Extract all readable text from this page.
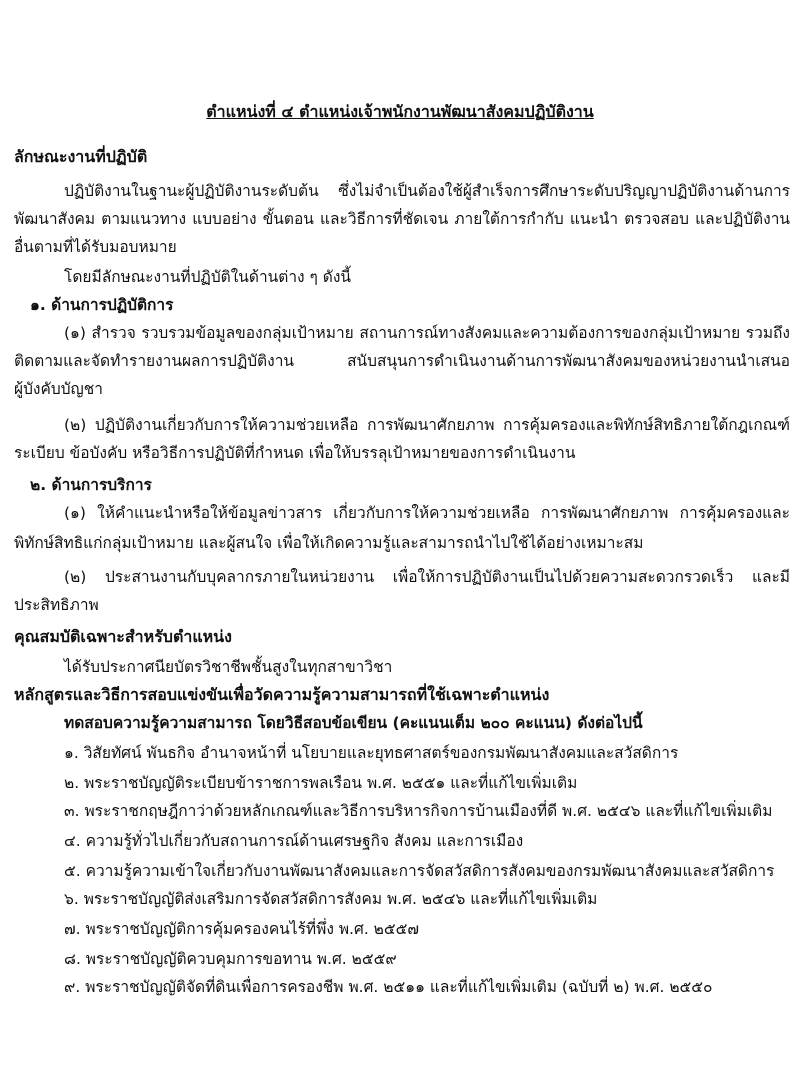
ตำแหน่งที่ ๔ ตำแหน่งเจ้าพนักงานพัฒนาสังคมปฏิบัติงาน
ลักษณะงานที่ปฏิบัติ
ปฏิบัติงานในฐานะผู้ปฏิบัติงานระดับต้น ซึ่งไม่จำเป็นต้องใช้ผู้สำเร็จการศึกษาระดับปริญญาปฏิบัติงานด้านการ
พัฒนาสังคม ตามแนวทาง แบบอย่าง ขั้นตอน และวิธีการที่ชัดเจน ภายใต้การกำกับ แนะนำ ตรวจสอบ และปฏิบัติงาน
อื่นตามที่ได้รับมอบหมาย
โดยมีลักษณะงานที่ปฏิบัติในด้านต่าง ๆ ดังนี้
๑. ด้านการปฏิบัติการ
(๑) สำรวจ รวบรวมข้อมูลของกลุ่มเป้าหมาย สถานการณ์ทางสังคมและความต้องการของกลุ่มเป้าหมาย รวมถึง
ติดตามและจัดทำรายงานผลการปฏิบัติงาน สนับสนุนการดำเนินงานด้านการพัฒนาสังคมของหน่วยงานนำเสนอ
ผู้บังคับบัญชา
(๒) ปฏิบัติงานเกี่ยวกับการให้ความช่วยเหลือ การพัฒนาศักยภาพ การคุ้มครองและพิทักษ์สิทธิภายใต้กฎเกณฑ์
ระเบียบ ข้อบังคับ หรือวิธีการปฏิบัติที่กำหนด เพื่อให้บรรลุเป้าหมายของการดำเนินงาน
๒. ด้านการบริการ
(๑) ให้คำแนะนำหรือให้ข้อมูลข่าวสาร เกี่ยวกับการให้ความช่วยเหลือ การพัฒนาศักยภาพ การคุ้มครองและ
พิทักษ์สิทธิแก่กลุ่มเป้าหมาย และผู้สนใจ เพื่อให้เกิดความรู้และสามารถนำไปใช้ได้อย่างเหมาะสม
(๒) ประสานงานกับบุคลากรภายในหน่วยงาน เพื่อให้การปฏิบัติงานเป็นไปด้วยความสะดวกรวดเร็ว และมี
ประสิทธิภาพ
คุณสมบัติเฉพาะสำหรับตำแหน่ง
ได้รับประกาศนียบัตรวิชาชีพชั้นสูงในทุกสาขาวิชา
หลักสูตรและวิธีการสอบแข่งขันเพื่อวัดความรู้ความสามารถที่ใช้เฉพาะตำแหน่ง
ทดสอบความรู้ความสามารถ โดยวิธีสอบข้อเขียน (คะแนนเต็ม ๒๐๐ คะแนน) ดังต่อไปนี้
๑. วิสัยทัศน์ พันธกิจ อำนาจหน้าที่ นโยบายและยุทธศาสตร์ของกรมพัฒนาสังคมและสวัสดิการ
๒. พระราชบัญญัติระเบียบข้าราชการพลเรือน พ.ศ. ๒๕๕๑ และที่แก้ไขเพิ่มเติม
๓. พระราชกฤษฎีกาว่าด้วยหลักเกณฑ์และวิธีการบริหารกิจการบ้านเมืองที่ดี พ.ศ. ๒๕๔๖ และที่แก้ไขเพิ่มเติม
๔. ความรู้ทั่วไปเกี่ยวกับสถานการณ์ด้านเศรษฐกิจ สังคม และการเมือง
๕. ความรู้ความเข้าใจเกี่ยวกับงานพัฒนาสังคมและการจัดสวัสดิการสังคมของกรมพัฒนาสังคมและสวัสดิการ
๖. พระราชบัญญัติส่งเสริมการจัดสวัสดิการสังคม พ.ศ. ๒๕๔๖ และที่แก้ไขเพิ่มเติม
๗. พระราชบัญญัติการคุ้มครองคนไร้ที่พึ่ง พ.ศ. ๒๕๕๗
๘. พระราชบัญญัติควบคุมการขอทาน พ.ศ. ๒๕๕๙
๙. พระราชบัญญัติจัดที่ดินเพื่อการครองชีพ พ.ศ. ๒๕๑๑ และที่แก้ไขเพิ่มเติม (ฉบับที่ ๒) พ.ศ. ๒๕๕๐
